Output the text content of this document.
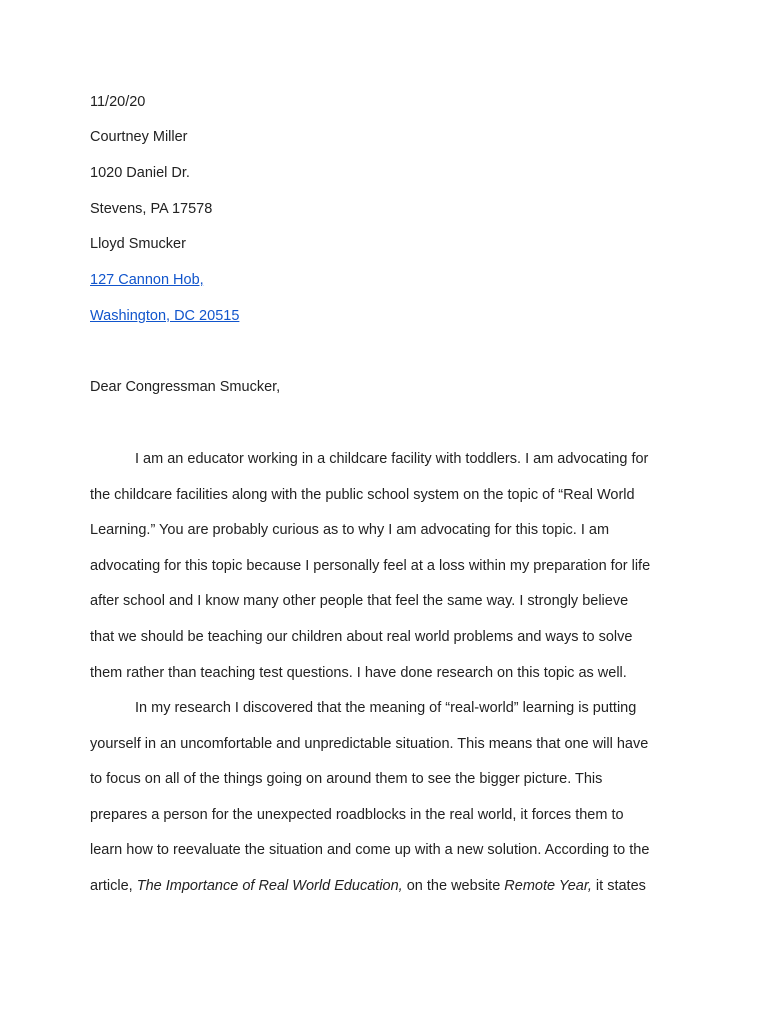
11/20/20

Courtney Miller

1020 Daniel Dr.

Stevens, PA 17578

Lloyd Smucker

127 Cannon Hob,

Washington, DC 20515

Dear Congressman Smucker,

I am an educator working in a childcare facility with toddlers. I am advocating for
the childcare facilities along with the public school system on the topic of “Real World
Learning.” You are probably curious as to why I am advocating for this topic. I am
advocating for this topic because I personally feel at a loss within my preparation for life
after school and I know many other people that feel the same way. I strongly believe
that we should be teaching our children about real world problems and ways to solve
them rather than teaching test questions. I have done research on this topic as well.
In my research I discovered that the meaning of “real-world” learning is putting
yourself in an uncomfortable and unpredictable situation. This means that one will have
to focus on all of the things going on around them to see the bigger picture. This
prepares a person for the unexpected roadblocks in the real world, it forces them to
learn how to reevaluate the situation and come up with a new solution. According to the
article, The Importance of Real World Education, on the website Remote Year, it states
